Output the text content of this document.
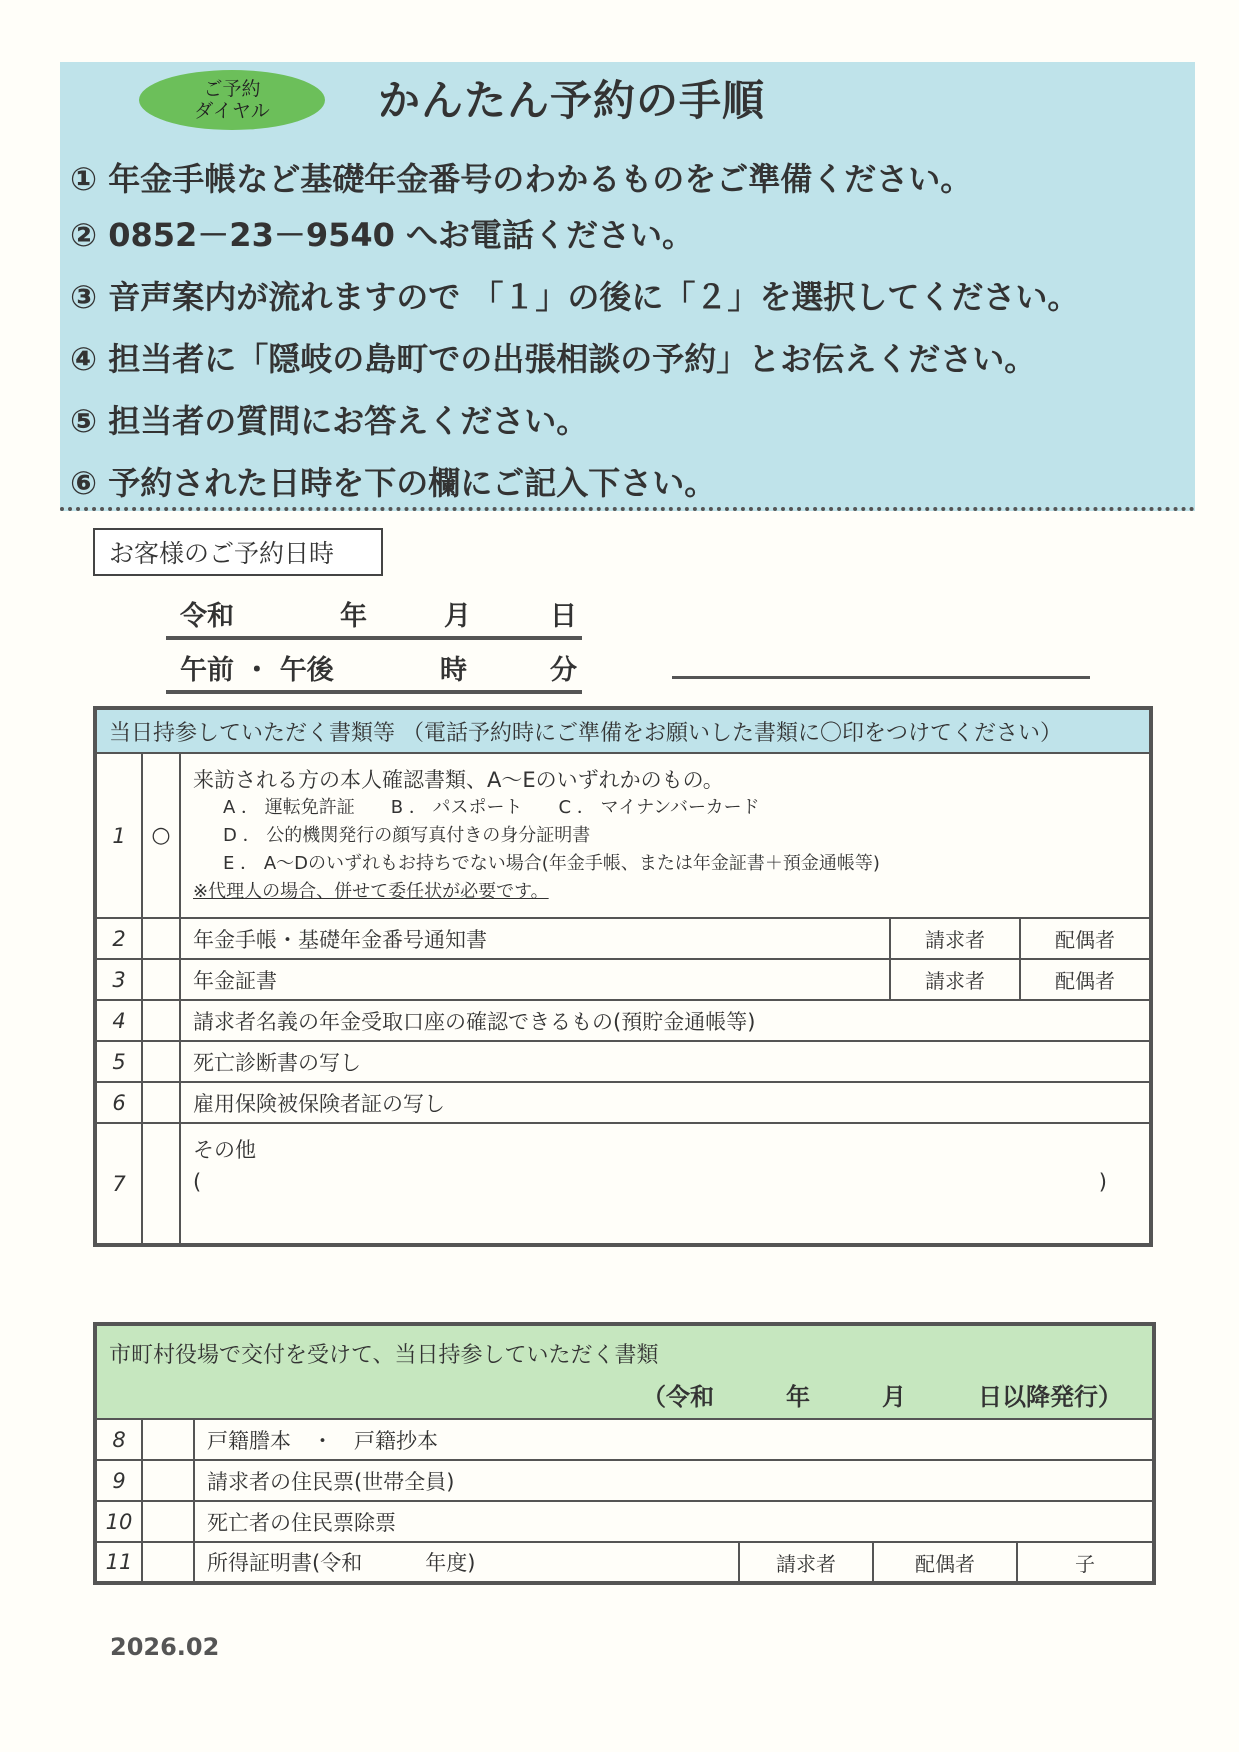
ご予約
ダイヤル	かんたん予約の手順
① 年金手帳など基礎年金番号のわかるものをご準備ください。
② 0852－23－9540 へお電話ください。
③ 音声案内が流れますので 「１」の後に「２」を選択してください。
④ 担当者に「隠岐の島町での出張相談の予約」とお伝えください。
⑤ 担当者の質問にお答えください。
⑥ 予約された日時を下の欄にご記入下さい。
お客様のご予約日時
令和	年	月	日
午前 ・ 午後	時	分
当日持参していただく書類等 （電話予約時にご準備をお願いした書類に〇印をつけてください）				
1	○	来訪される方の本人確認書類、A～Eのいずれかのもの。
A ． 運転免許証　　B ． パスポート　　C ． マイナンバーカード
D ． 公的機関発行の顔写真付きの身分証明書
E ． A～Dのいずれもお持ちでない場合(年金手帳、または年金証書＋預金通帳等)
※代理人の場合、併せて委任状が必要です。		

2		年金手帳・基礎年金番号通知書	請求者	配偶者
3		年金証書	請求者	配偶者
4		請求者名義の年金受取口座の確認できるもの(預貯金通帳等)		
5		死亡診断書の写し		
6		雇用保険被保険者証の写し		
7		その他
( )		
市町村役場で交付を受けて、当日持参していただく書類
（令和　　　年　　　月　　　日以降発行）					

8		戸籍謄本　・　戸籍抄本			
9		請求者の住民票(世帯全員)			
10		死亡者の住民票除票			
11		所得証明書(令和　　　年度)	請求者	配偶者	子
2026.02
